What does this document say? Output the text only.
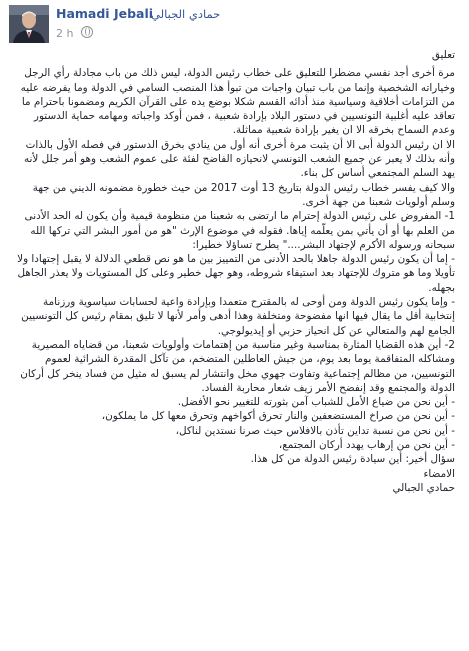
Hamadi Jebali
حمادي الجبالي
2 h

تعليق

مرة أخرى أجد نفسي مضطرا للتعليق على خطاب رئيس الدولة، ليس ذلك من باب مجادلة رأي الرجل وخياراته الشخصية وإنما من باب تبيان واجبات من تبوأ هذا المنصب السامي في الدولة وما يفرضه عليه من التزامات أخلاقية وسياسية منذ أدائه القسم شكلا بوضع يده على القرآن الكريم ومضمونا باحترام ما تعاقد عليه أغلبية التونسيين في دستور البلاد بإرادة شعبية ، فمن أوكد واجباته ومهامه حماية الدستور وعدم السماح بخرقه الا ان يغير بإرادة شعبية مماثلة.

الا ان رئيس الدولة أبى الا أن يثبت مرة أخرى أنه أول من ينادي بخرق الدستور في فصله الأول بالذات وأنه بذلك لا يعبر عن جميع الشعب التونسي لانحيازه الفاضح لفئة على عموم الشعب وهو أمر جلل لأنه يهد السلم المجتمعي أساس كل بناء.

والا كيف يفسر خطاب رئيس الدولة بتاريخ 13 أوت 2017 من حيث خطورة مضمونه الديني من جهة وسلم أولويات شعبنا من جهة أخرى.

1- المفروض على رئيس الدولة إحترام ما ارتضى به شعبنا من منظومة قيمية وأن يكون له الحد الأدنى من العلم بها أو أن يأتي بمن يعلّمه إياها. فقوله في موضوع الإرث "هو من أمور البشر التي تركها الله سبحانه ورسوله الأكرم لإجتهاد البشر...." يطرح تساؤلا خطيرا:

- إما أن يكون رئيس الدولة جاهلا بالحد الأدنى من التمييز بين ما هو نص قطعي الدلالة لا يقبل إجتهادا ولا تأويلا وما هو متروك للإجتهاد بعد استيفاء شروطه، وهو جهل خطير وعلى كل المستويات ولا يعذر الجاهل بجهله.

- وإما يكون رئيس الدولة ومن أوحى له بالمقترح متعمدا وبإرادة واعية لحسابات سياسوية ورزنامة إنتخابية أقل ما يقال فيها انها مفضوحة ومتخلفة وهذا أدهى وأمر لأنها لا تليق بمقام رئيس كل التونسيين الجامع لهم والمتعالي عن كل انحياز حزبي أو إيديولوجي.

2- أين هذه القضايا المثارة بمناسبة وغير مناسبة من إهتمامات وأولويات شعبنا، من قضاياه المصيرية ومشاكله المتفاقمة يوما بعد يوم، من جيش العاطلين المتضخم، من تآكل المقدرة الشرائية لعموم التونسيين، من مظالم إجتماعية وتفاوت جهوي مخل وانتشار لم يسبق له مثيل من فساد ينخر كل أركان الدولة والمجتمع وقد إنفضح الأمر زيف شعار محاربة الفساد.

- أين نحن من ضياع الأمل للشباب آمن بثورته للتغيير نحو الأفضل.

- أين نحن من صراخ المستضعفين والنار تحرق أكواخهم وتحرق معها كل ما يملكون،

- أين نحن من نسبة تداين تأذن بالافلاس حيث صرنا نستدين لناكل،

- أين نحن من إرهاب يهدد أركان المجتمع،

سؤال أخير: أين سيادة رئيس الدولة من كل هذا.

الامضاء

حمادي الجبالي
